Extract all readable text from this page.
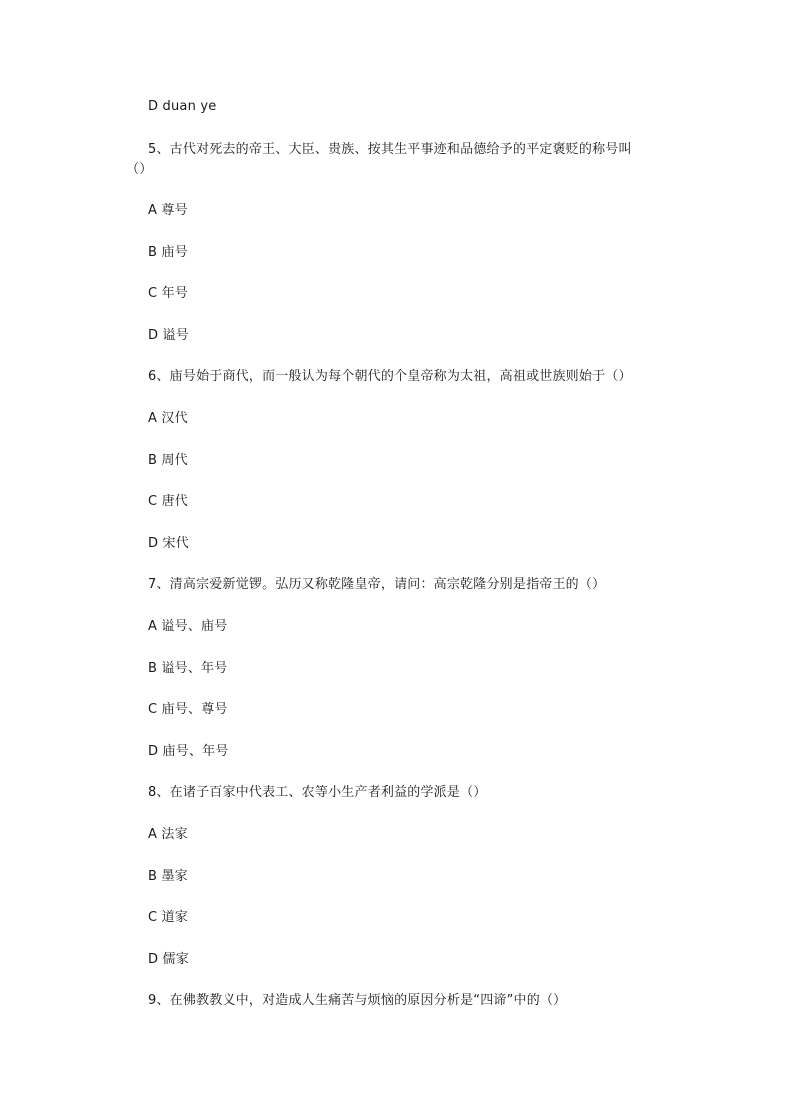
D duan ye
5、古代对死去的帝王、大臣、贵族、按其生平事迹和品德给予的平定褒贬的称号叫
（）
A 尊号
B 庙号
C 年号
D 谥号
6、庙号始于商代，而一般认为每个朝代的个皇帝称为太祖，高祖或世族则始于（）
A 汉代
B 周代
C 唐代
D 宋代
7、清高宗爱新觉锣。弘历又称乾隆皇帝，请问：高宗乾隆分别是指帝王的（）
A 谥号、庙号
B 谥号、年号
C 庙号、尊号
D 庙号、年号
8、在诸子百家中代表工、农等小生产者利益的学派是（）
A 法家
B 墨家
C 道家
D 儒家
9、在佛教教义中，对造成人生痛苦与烦恼的原因分析是“四谛”中的（）
